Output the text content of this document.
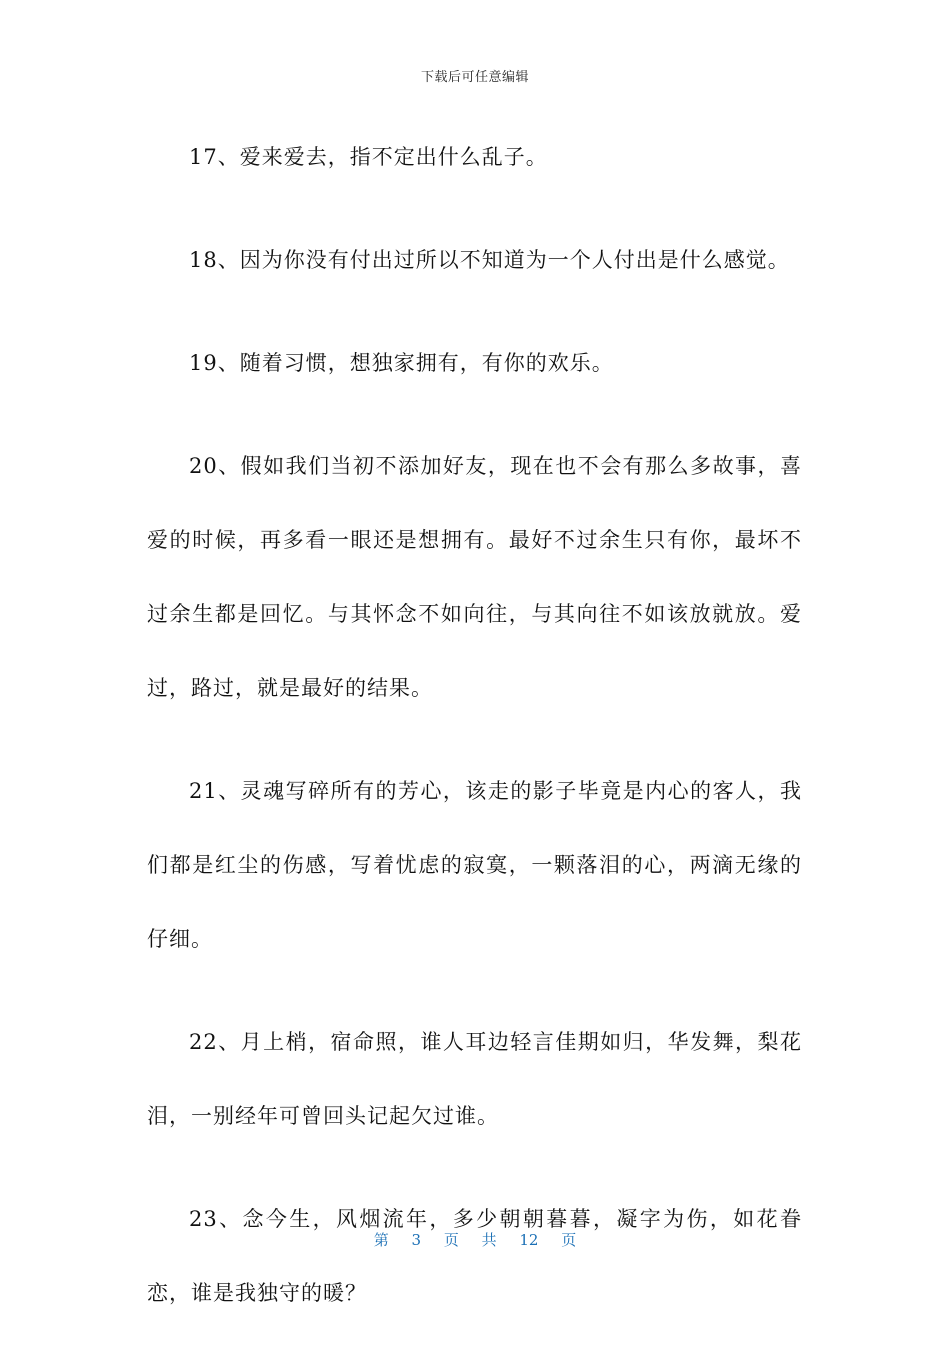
下载后可任意编辑

17、爱来爱去，指不定出什么乱子。

18、因为你没有付出过所以不知道为一个人付出是什么感觉。

19、随着习惯，想独家拥有，有你的欢乐。

20、假如我们当初不添加好友，现在也不会有那么多故事，喜爱的时候，再多看一眼还是想拥有。最好不过余生只有你，最坏不过余生都是回忆。与其怀念不如向往，与其向往不如该放就放。爱过，路过，就是最好的结果。

21、灵魂写碎所有的芳心，该走的影子毕竟是内心的客人，我们都是红尘的伤感，写着忧虑的寂寞，一颗落泪的心，两滴无缘的仔细。

22、月上梢，宿命照，谁人耳边轻言佳期如归，华发舞，梨花泪，一别经年可曾回头记起欠过谁。

23、念今生，风烟流年，多少朝朝暮暮，凝字为伤，如花眷恋，谁是我独守的暖？

第 3 页 共 12 页
